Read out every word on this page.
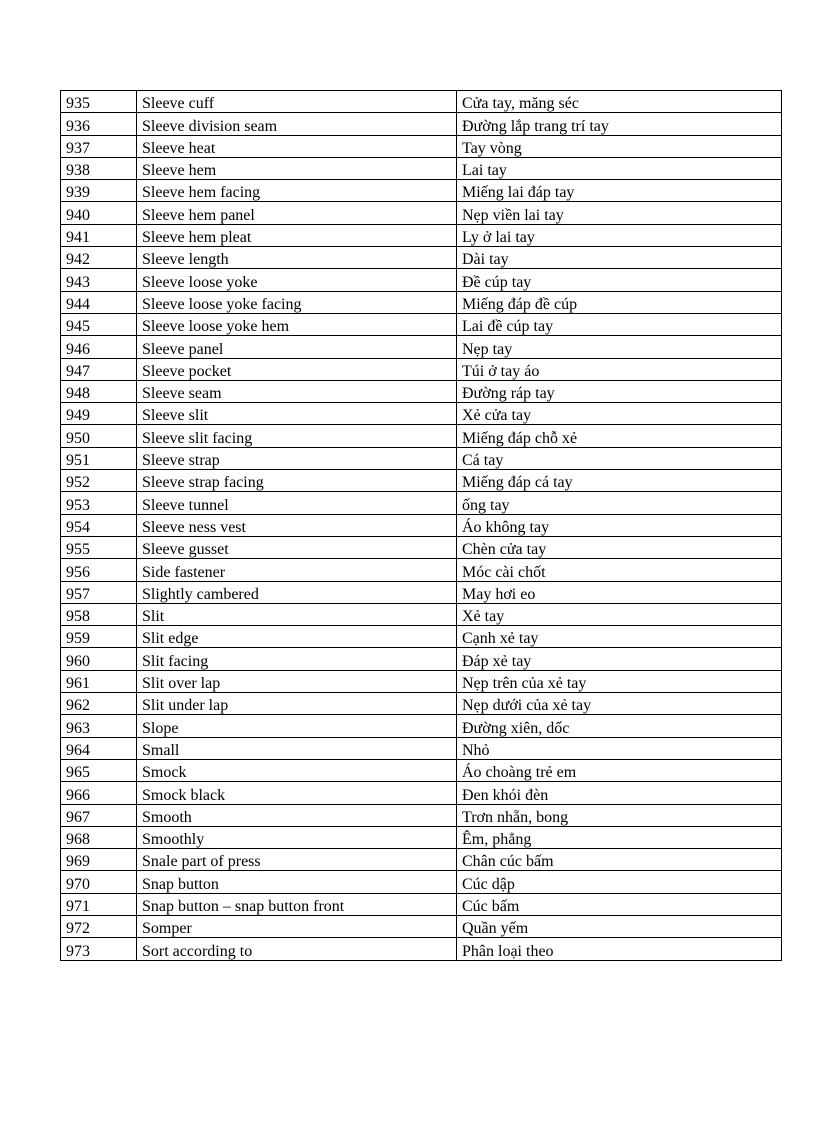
935	Sleeve cuff	Cửa tay, măng séc
936	Sleeve division seam	Đường lắp trang trí tay
937	Sleeve heat	Tay vòng
938	Sleeve hem	Lai tay
939	Sleeve hem facing	Miếng lai đáp tay
940	Sleeve hem panel	Nẹp viền lai tay
941	Sleeve hem pleat	Ly ở lai tay
942	Sleeve length	Dài tay
943	Sleeve loose yoke	Đề cúp tay
944	Sleeve loose yoke facing	Miếng đáp đề cúp
945	Sleeve loose yoke hem	Lai đề cúp tay
946	Sleeve panel	Nẹp tay
947	Sleeve pocket	Túi ở tay áo
948	Sleeve seam	Đường ráp tay
949	Sleeve slit	Xẻ cửa tay
950	Sleeve slit facing	Miếng đáp chỗ xẻ
951	Sleeve strap	Cá tay
952	Sleeve strap facing	Miếng đáp cá tay
953	Sleeve tunnel	ống tay
954	Sleeve ness vest	Áo không tay
955	Sleeve gusset	Chèn cửa tay
956	Side fastener	Móc cài chốt
957	Slightly cambered	May hơi eo
958	Slit	Xẻ tay
959	Slit edge	Cạnh xẻ tay
960	Slit facing	Đáp xẻ tay
961	Slit over lap	Nẹp trên của xẻ tay
962	Slit under lap	Nẹp dưới của xẻ tay
963	Slope	Đường xiên, dốc
964	Small	Nhỏ
965	Smock	Áo choàng trẻ em
966	Smock black	Đen khói đèn
967	Smooth	Trơn nhẵn, bong
968	Smoothly	Êm, phẳng
969	Snale part of press	Chân cúc bấm
970	Snap button	Cúc dập
971	Snap button – snap button front	Cúc bấm
972	Somper	Quần yếm
973	Sort according to	Phân loại theo
